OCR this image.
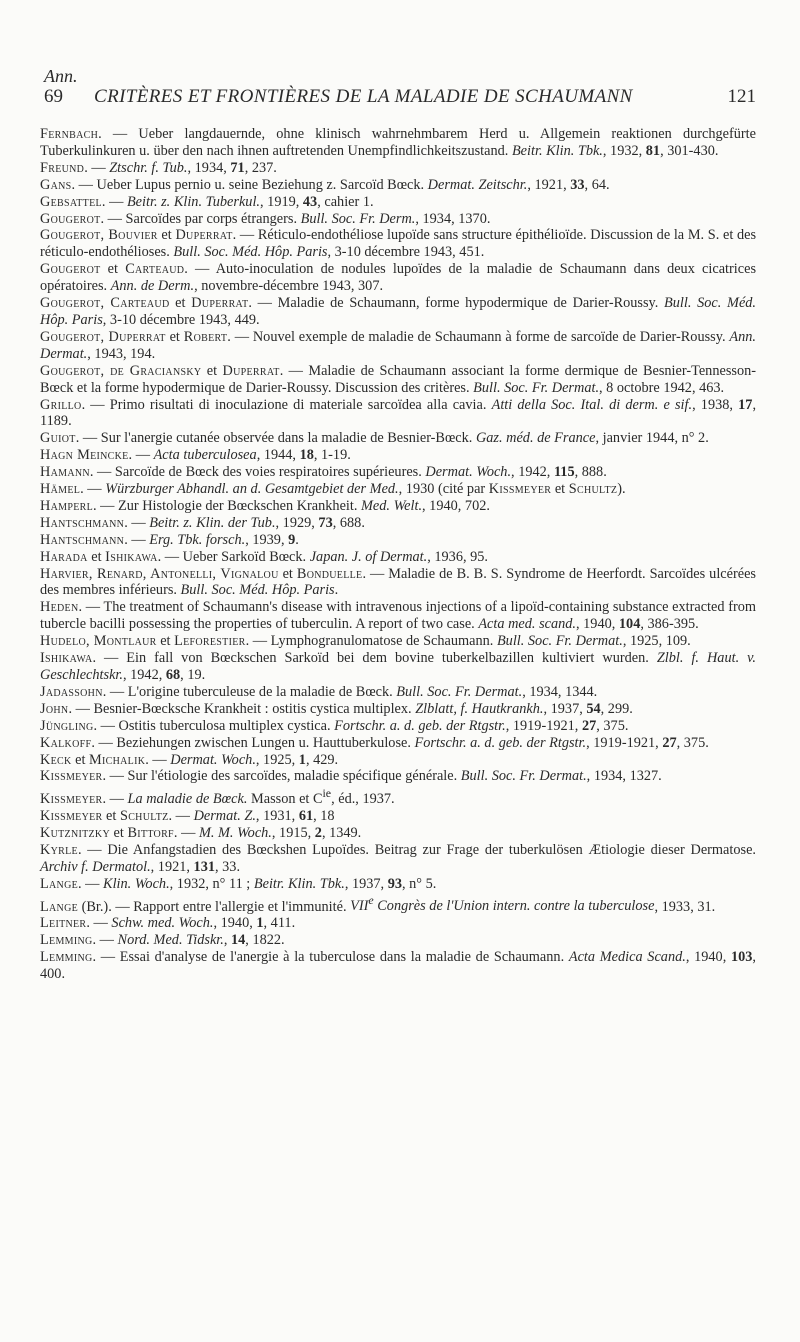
Ann.
69 CRITÈRES ET FRONTIÈRES DE LA MALADIE DE SCHAUMANN	121

Fernbach. — Ueber langdauernde, ohne klinisch wahrnehmbarem Herd u. Allgemein reaktionen durchgefürte Tuberkulinkuren u. über den nach ihnen auftretenden Unempfindlichkeitszustand. Beitr. Klin. Tbk., 1932, 81, 301-430.

Freund. — Ztschr. f. Tub., 1934, 71, 237.

Gans. — Ueber Lupus pernio u. seine Beziehung z. Sarcoïd Bœck. Dermat. Zeitschr., 1921, 33, 64.

Gebsattel. — Beitr. z. Klin. Tuberkul., 1919, 43, cahier 1.

Gougerot. — Sarcoïdes par corps étrangers. Bull. Soc. Fr. Derm., 1934, 1370.

Gougerot, Bouvier et Duperrat. — Réticulo-endothéliose lupoïde sans structure épithélioïde. Discussion de la M. S. et des réticulo-endothélioses. Bull. Soc. Méd. Hôp. Paris, 3-10 décembre 1943, 451.

Gougerot et Carteaud. — Auto-inoculation de nodules lupoïdes de la maladie de Schaumann dans deux cicatrices opératoires. Ann. de Derm., novembre-décembre 1943, 307.

Gougerot, Carteaud et Duperrat. — Maladie de Schaumann, forme hypodermique de Darier-Roussy. Bull. Soc. Méd. Hôp. Paris, 3-10 décembre 1943, 449.

Gougerot, Duperrat et Robert. — Nouvel exemple de maladie de Schaumann à forme de sarcoïde de Darier-Roussy. Ann. Dermat., 1943, 194.

Gougerot, de Graciansky et Duperrat. — Maladie de Schaumann associant la forme dermique de Besnier-Tennesson-Bœck et la forme hypodermique de Darier-Roussy. Discussion des critères. Bull. Soc. Fr. Dermat., 8 octobre 1942, 463.

Grillo. — Primo risultati di inoculazione di materiale sarcoïdea alla cavia. Atti della Soc. Ital. di derm. e sif., 1938, 17, 1189.

Guiot. — Sur l'anergie cutanée observée dans la maladie de Besnier-Bœck. Gaz. méd. de France, janvier 1944, n° 2.

Hagn Meincke. — Acta tuberculosea, 1944, 18, 1-19.

Hamann. — Sarcoïde de Bœck des voies respiratoires supérieures. Dermat. Woch., 1942, 115, 888.

Hämel. — Würzburger Abhandl. an d. Gesamtgebiet der Med., 1930 (cité par Kissmeyer et Schultz).

Hamperl. — Zur Histologie der Bœckschen Krankheit. Med. Welt., 1940, 702.

Hantschmann. — Beitr. z. Klin. der Tub., 1929, 73, 688.

Hantschmann. — Erg. Tbk. forsch., 1939, 9.

Harada et Ishikawa. — Ueber Sarkoïd Bœck. Japan. J. of Dermat., 1936, 95.

Harvier, Renard, Antonelli, Vignalou et Bonduelle. — Maladie de B. B. S. Syndrome de Heerfordt. Sarcoïdes ulcérées des membres inférieurs. Bull. Soc. Méd. Hôp. Paris.

Heden. — The treatment of Schaumann's disease with intravenous injections of a lipoïd-containing substance extracted from tubercle bacilli possessing the properties of tuberculin. A report of two case. Acta med. scand., 1940, 104, 386-395.

Hudelo, Montlaur et Leforestier. — Lymphogranulomatose de Schaumann. Bull. Soc. Fr. Dermat., 1925, 109.

Ishikawa. — Ein fall von Bœckschen Sarkoïd bei dem bovine tuberkelbazillen kultiviert wurden. Zlbl. f. Haut. v. Geschlechtskr., 1942, 68, 19.

Jadassohn. — L'origine tuberculeuse de la maladie de Bœck. Bull. Soc. Fr. Dermat., 1934, 1344.

John. — Besnier-Bœcksche Krankheit : ostitis cystica multiplex. Zlblatt, f. Hautkrankh., 1937, 54, 299.

Jüngling. — Ostitis tuberculosa multiplex cystica. Fortschr. a. d. geb. der Rtgstr., 1919-1921, 27, 375.

Kalkoff. — Beziehungen zwischen Lungen u. Hauttuberkulose. Fortschr. a. d. geb. der Rtgstr., 1919-1921, 27, 375.

Keck et Michalik. — Dermat. Woch., 1925, 1, 429.

Kissmeyer. — Sur l'étiologie des sarcoïdes, maladie spécifique générale. Bull. Soc. Fr. Dermat., 1934, 1327.

Kissmeyer. — La maladie de Bœck. Masson et $C^{ie}$, éd., 1937.

Kissmeyer et Schultz. — Dermat. Z., 1931, 61, 18

Kutznitzky et Bittorf. — M. M. Woch., 1915, 2, 1349.

Kyrle. — Die Anfangstadien des Bœckshen Lupoïdes. Beitrag zur Frage der tuberkulösen Ætiologie dieser Dermatose. Archiv f. Dermatol., 1921, 131, 33.

Lange. — Klin. Woch., 1932, n° 11 ; Beitr. Klin. Tbk., 1937, 93, n° 5.

Lange (Br.). — Rapport entre l'allergie et l'immunité. VIIe Congrès de l'Union intern. contre la tuberculose, 1933, 31.

Leitner. — Schw. med. Woch., 1940, 1, 411.

Lemming. — Nord. Med. Tidskr., 14, 1822.

Lemming. — Essai d'analyse de l'anergie à la tuberculose dans la maladie de Schaumann. Acta Medica Scand., 1940, 103, 400.
